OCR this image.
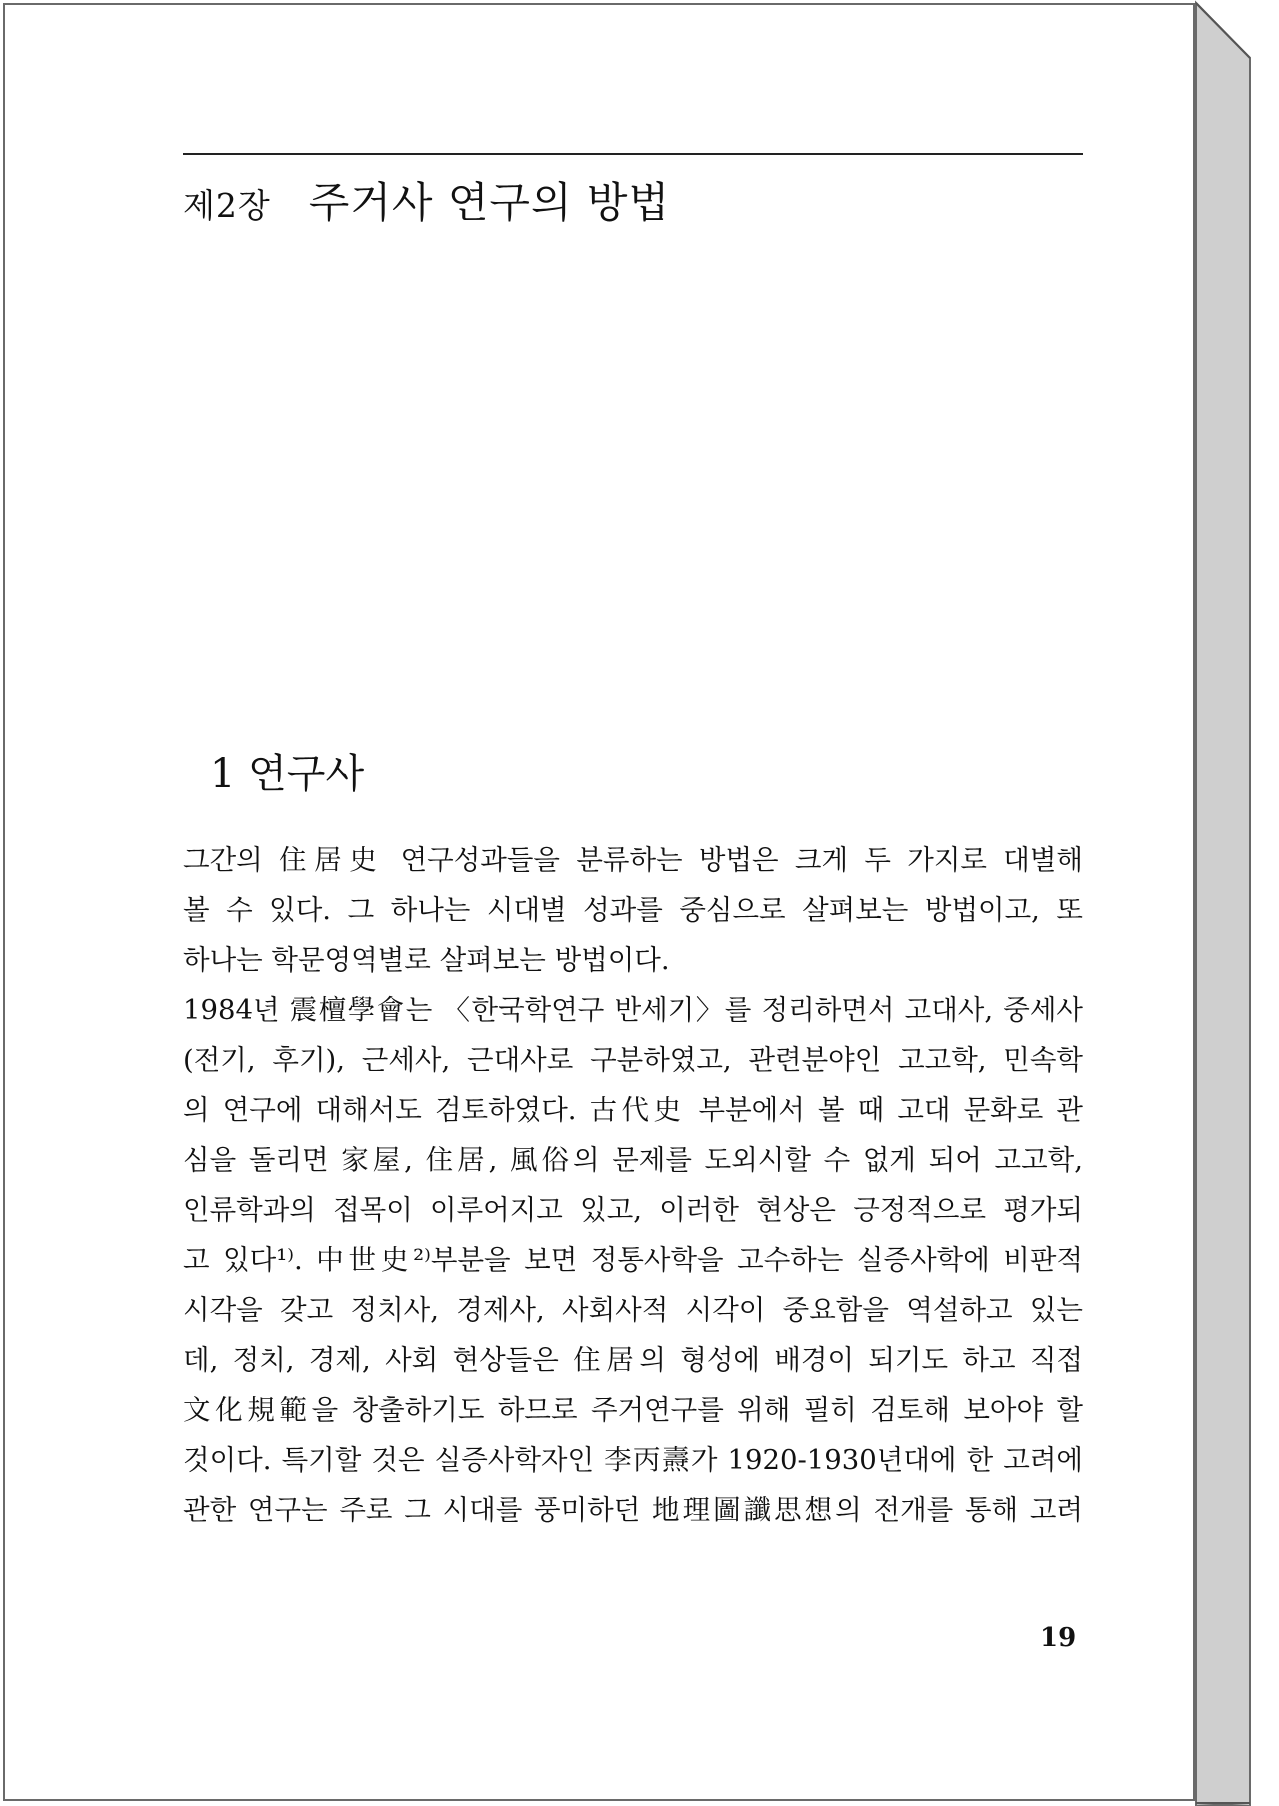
제2장 주거사 연구의 방법
1 연구사
그간의 住居史 연구성과들을 분류하는 방법은 크게 두 가지로 대별해
볼 수 있다. 그 하나는 시대별 성과를 중심으로 살펴보는 방법이고, 또
하나는 학문영역별로 살펴보는 방법이다.
1984년 震檀學會는 〈한국학연구 반세기〉를 정리하면서 고대사, 중세사
(전기, 후기), 근세사, 근대사로 구분하였고, 관련분야인 고고학, 민속학
의 연구에 대해서도 검토하였다. 古代史 부분에서 볼 때 고대 문화로 관
심을 돌리면 家屋, 住居, 風俗의 문제를 도외시할 수 없게 되어 고고학,
인류학과의 접목이 이루어지고 있고, 이러한 현상은 긍정적으로 평가되
고 있다¹⁾. 中世史²⁾부분을 보면 정통사학을 고수하는 실증사학에 비판적
시각을 갖고 정치사, 경제사, 사회사적 시각이 중요함을 역설하고 있는
데, 정치, 경제, 사회 현상들은 住居의 형성에 배경이 되기도 하고 직접
文化規範을 창출하기도 하므로 주거연구를 위해 필히 검토해 보아야 할
것이다. 특기할 것은 실증사학자인 李丙燾가 1920-1930년대에 한 고려에
관한 연구는 주로 그 시대를 풍미하던 地理圖讖思想의 전개를 통해 고려
19
